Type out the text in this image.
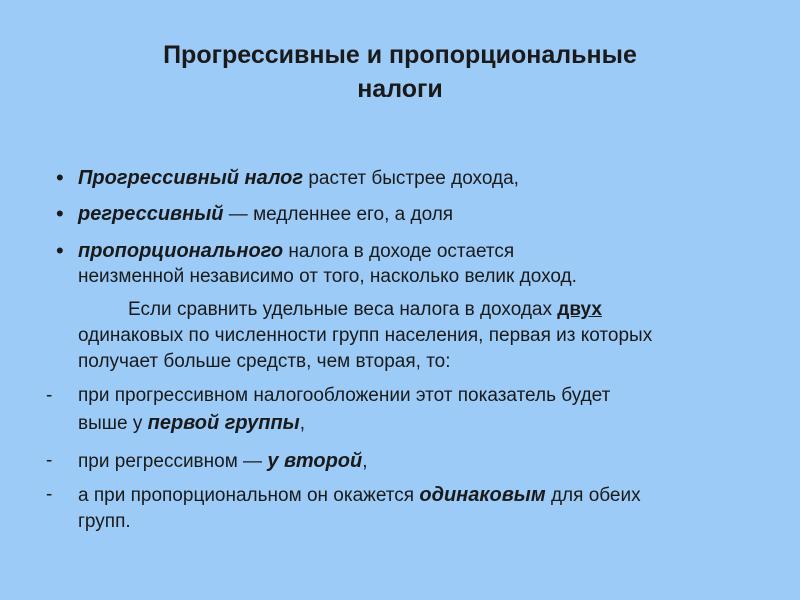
Прогрессивные и пропорциональные
налоги
• Прогрессивный налог растет быстрее дохода,
• регрессивный — медленнее его, а доля
• пропорционального налога в доходе остается
неизменной независимо от того, насколько велик доход.
Если сравнить удельные веса налога в доходах двух
одинаковых по численности групп населения, первая из которых
получает больше средств, чем вторая, то:
- при прогрессивном налогообложении этот показатель будет
выше у первой группы,
- при регрессивном — у второй,
- а при пропорциональном он окажется одинаковым для обеих
групп.
